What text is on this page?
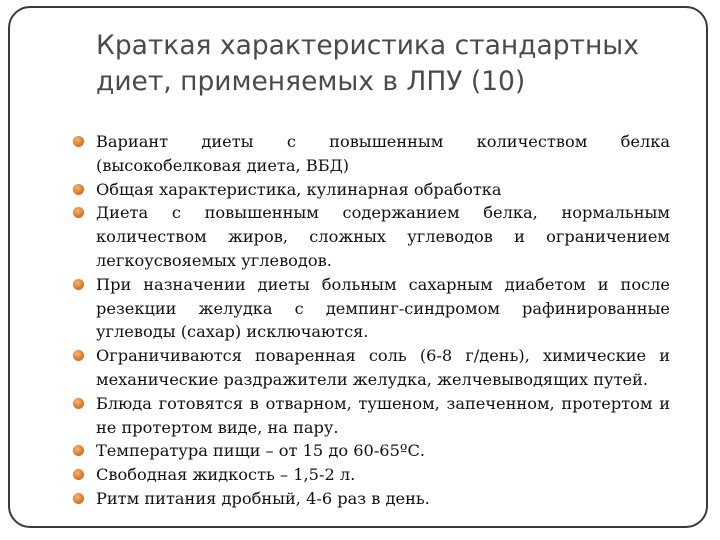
Краткая характеристика стандартных диет, применяемых в ЛПУ (10)
Вариант диеты с повышенным количеством белка (высокобелковая диета, ВБД)
Общая характеристика, кулинарная обработка
Диета с повышенным содержанием белка, нормальным количеством жиров, сложных углеводов и ограничением легкоусвояемых углеводов.
При назначении диеты больным сахарным диабетом и после резекции желудка с демпинг-синдромом рафинированные углеводы (сахар) исключаются.
Ограничиваются поваренная соль (6-8 г/день), химические и механические раздражители желудка, желчевыводящих путей.
Блюда готовятся в отварном, тушеном, запеченном, протертом и не протертом виде, на пару.
Температура пищи – от 15 до 60-65ºС.
Свободная жидкость – 1,5-2 л.
Ритм питания дробный, 4-6 раз в день.
